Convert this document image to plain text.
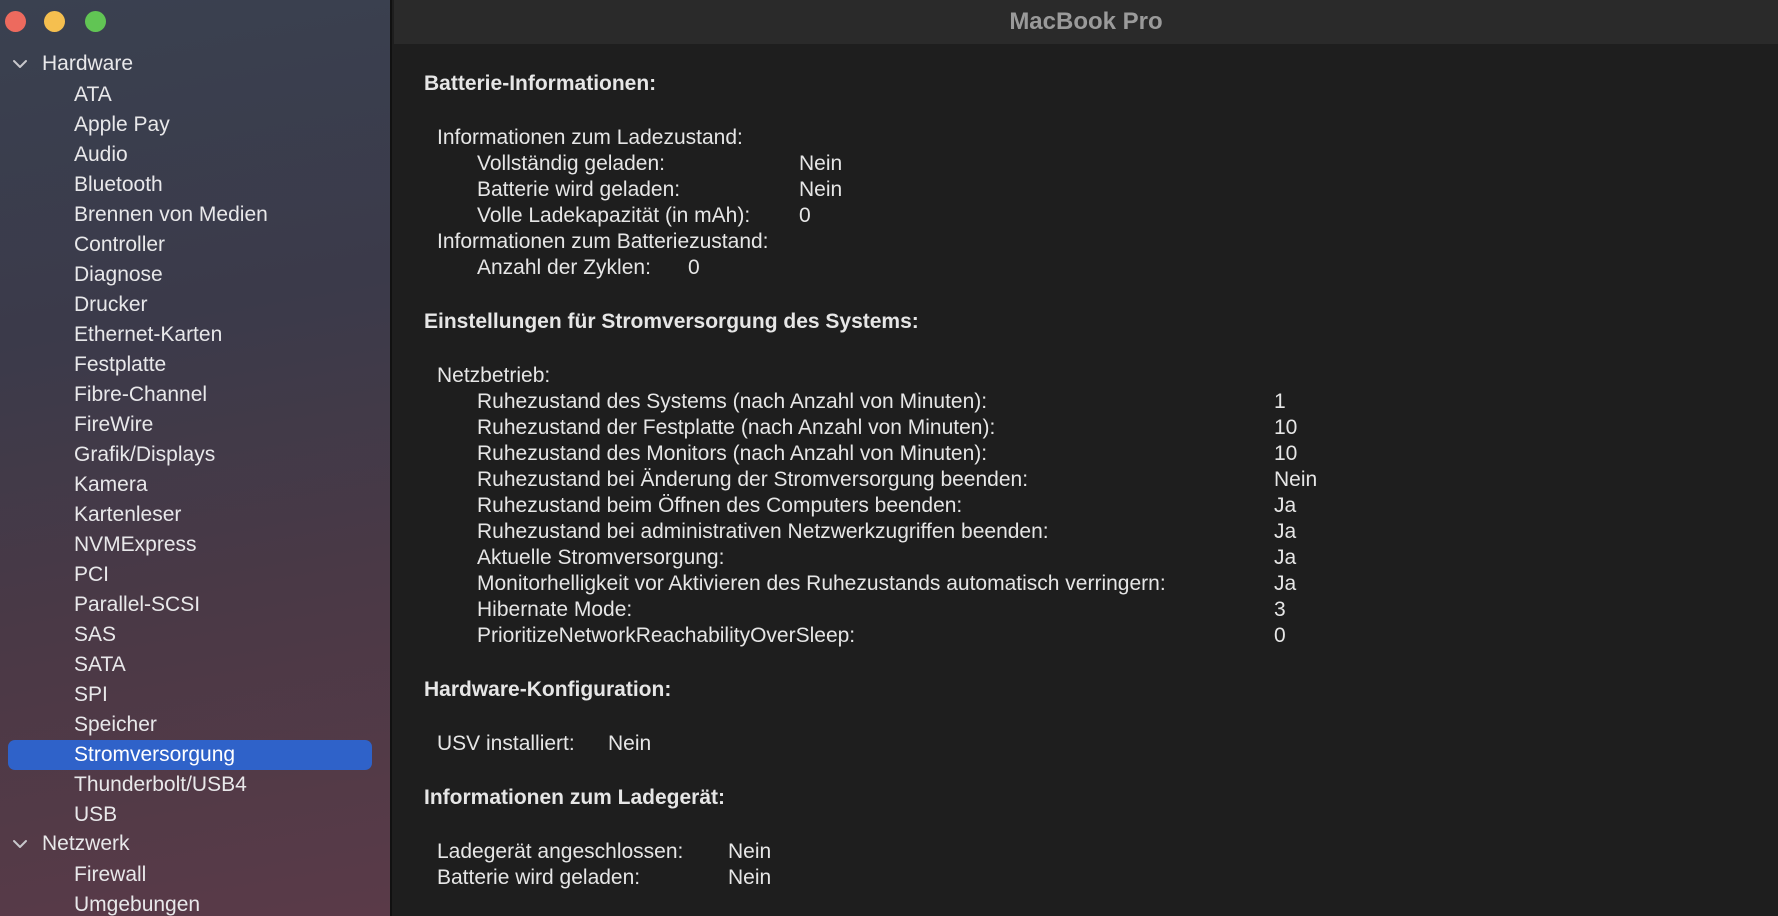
Hardware
ATA
Apple Pay
Audio
Bluetooth
Brennen von Medien
Controller
Diagnose
Drucker
Ethernet-Karten
Festplatte
Fibre-Channel
FireWire
Grafik/Displays
Kamera
Kartenleser
NVMExpress
PCI
Parallel-SCSI
SAS
SATA
SPI
Speicher
Stromversorgung
Thunderbolt/USB4
USB
Netzwerk
Firewall
Umgebungen
MacBook Pro
Batterie-Informationen:
Informationen zum Ladezustand:
Vollständig geladen:	Nein
Batterie wird geladen:	Nein
Volle Ladekapazität (in mAh): 0
Informationen zum Batteriezustand:
Anzahl der Zyklen: 0
Einstellungen für Stromversorgung des Systems:
Netzbetrieb:
Ruhezustand des Systems (nach Anzahl von Minuten):	1
Ruhezustand der Festplatte (nach Anzahl von Minuten):	10
Ruhezustand des Monitors (nach Anzahl von Minuten):	10
Ruhezustand bei Änderung der Stromversorgung beenden:	Nein
Ruhezustand beim Öffnen des Computers beenden:	Ja
Ruhezustand bei administrativen Netzwerkzugriffen beenden:	Ja
Aktuelle Stromversorgung:	Ja
Monitorhelligkeit vor Aktivieren des Ruhezustands automatisch verringern:	Ja
Hibernate Mode:	3
PrioritizeNetworkReachabilityOverSleep:	0
Hardware-Konfiguration:
USV installiert: Nein
Informationen zum Ladegerät:
Ladegerät angeschlossen: Nein
Batterie wird geladen:	Nein
